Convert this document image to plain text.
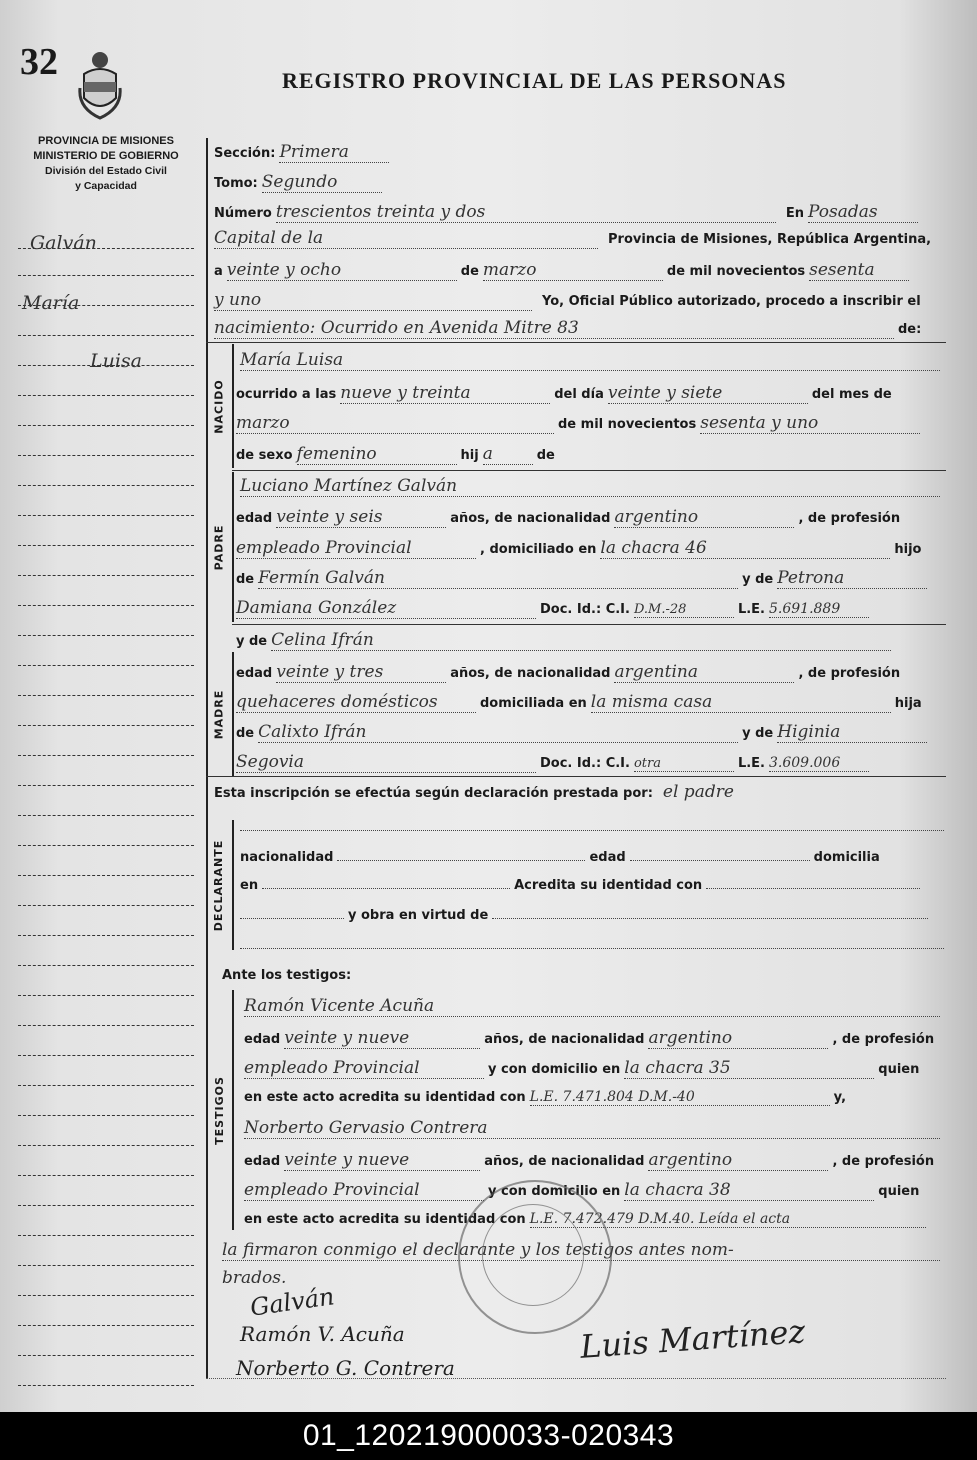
32	REGISTRO PROVINCIAL DE LAS PERSONAS
PROVINCIA DE MISIONES
MINISTERIO DE GOBIERNO
División del Estado Civil
y Capacidad
Galván
María
Luisa
Sección: Primera
Tomo: Segundo
Número trescientos treinta y dos	En Posadas
Capital de la	Provincia de Misiones, República Argentina,
a veinte y ocho	de marzo	de mil novecientos sesenta
y uno	Yo, Oficial Público autorizado, procedo a inscribir el
nacimiento: Ocurrido en Avenida Mitre 83	de:
NACIDO
María Luisa
ocurrido a las nueve y treinta	del día veinte y siete	del mes de
marzo	de mil novecientos sesenta y uno
de sexo femenino	hij a	de
PADRE
Luciano Martínez Galván
edad veinte y seis	años, de nacionalidad argentino	, de profesión
empleado Provincial	, domiciliado en la chacra 46	hijo
de Fermín Galván	y de Petrona
Damiana González	Doc. Id.: C.I. D.M.-28	L.E. 5.691.889
y de Celina Ifrán
MADRE
edad veinte y tres	años, de nacionalidad argentina	, de profesión
quehaceres domésticos	domiciliada en la misma casa	hija
de Calixto Ifrán	y de Higinia
Segovia	Doc. Id.: C.I. otra	L.E. 3.609.006
Esta inscripción se efectúa según declaración prestada por: el padre
DECLARANTE nacionalidad	edad	domicilia
en	Acredita su identidad con
y obra en virtud de
Ante los testigos:
TESTIGOS
Ramón Vicente Acuña
edad veinte y nueve	años, de nacionalidad argentino	, de profesión
empleado Provincial	y con domicilio en la chacra 35	quien
en este acto acredita su identidad con L.E. 7.471.804 D.M.-40	y,
Norberto Gervasio Contrera
edad veinte y nueve	años, de nacionalidad argentino	, de profesión
empleado Provincial	y con domicilio en la chacra 38	quien
en este acto acredita su identidad con L.E. 7.472.479 D.M.40. Leída el acta
la firmaron conmigo el declarante y los testigos antes nom-
brados.
Galván
Ramón V. Acuña
Norberto G. Contrera
Luis Martínez
01_120219000033-020343
